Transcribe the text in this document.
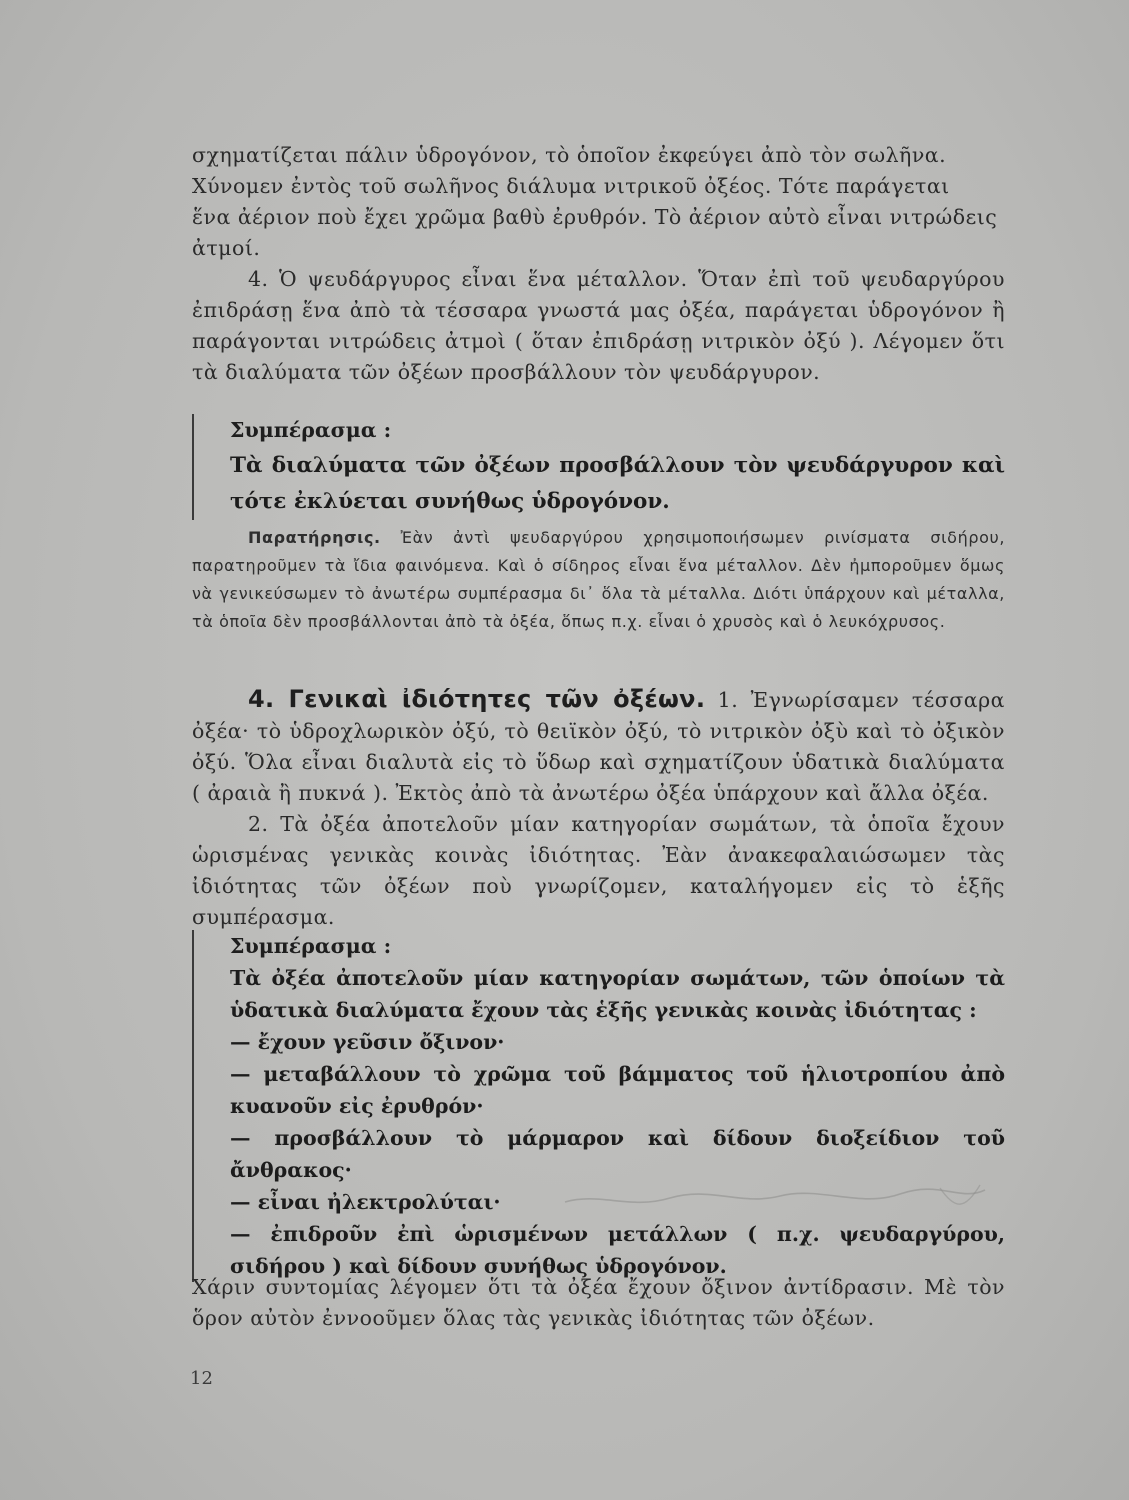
σχηματίζεται πάλιν ὑδρογόνον, τὸ ὁποῖον ἐκφεύγει ἀπὸ τὸν σωλῆνα.

Χύνομεν ἐντὸς τοῦ σωλῆνος διάλυμα νιτρικοῦ ὀξέος. Τότε παράγεται

ἕνα ἀέριον ποὺ ἔχει χρῶμα βαθὺ ἐρυθρόν. Τὸ ἀέριον αὐτὸ εἶναι νιτρώδεις

ἀτμοί.

4. Ὁ ψευδάργυρος εἶναι ἕνα μέταλλον. Ὅταν ἐπὶ τοῦ ψευδαργύρου ἐπιδράσῃ ἕνα ἀπὸ τὰ τέσσαρα γνωστά μας ὀξέα, παράγεται ὑδρογόνον ἢ παράγονται νιτρώδεις ἀτμοὶ ( ὅταν ἐπιδράσῃ νιτρικὸν ὀξύ ). Λέγομεν ὅτι τὰ διαλύματα τῶν ὀξέων προσβάλλουν τὸν ψευδάργυρον.

Συμπέρασμα :
Τὰ διαλύματα τῶν ὀξέων προσβάλλουν τὸν ψευδάργυρον καὶ τότε ἐκλύεται συνήθως ὑδρογόνον.
Παρατήρησις. Ἐὰν ἀντὶ ψευδαργύρου χρησιμοποιήσωμεν ρινίσματα σιδήρου, παρατηροῦμεν τὰ ἴδια φαινόμενα. Καὶ ὁ σίδηρος εἶναι ἕνα μέταλλον. Δὲν ἠμποροῦμεν ὅμως νὰ γενικεύσωμεν τὸ ἀνωτέρω συμπέρασμα δι᾽ ὅλα τὰ μέταλλα. Διότι ὑπάρχουν καὶ μέταλλα, τὰ ὁποῖα δὲν προσβάλλονται ἀπὸ τὰ ὀξέα, ὅπως π.χ. εἶναι ὁ χρυσὸς καὶ ὁ λευκόχρυσος.
4. Γενικαὶ ἰδιότητες τῶν ὀξέων. 1. Ἐγνωρίσαμεν τέσσαρα ὀξέα· τὸ ὑδροχλωρικὸν ὀξύ, τὸ θειϊκὸν ὀξύ, τὸ νιτρικὸν ὀξὺ καὶ τὸ ὀξικὸν ὀξύ. Ὅλα εἶναι διαλυτὰ εἰς τὸ ὕδωρ καὶ σχηματίζουν ὑδατικὰ διαλύματα ( ἀραιὰ ἢ πυκνά ). Ἐκτὸς ἀπὸ τὰ ἀνωτέρω ὀξέα ὑπάρχουν καὶ ἄλλα ὀξέα.

2. Τὰ ὀξέα ἀποτελοῦν μίαν κατηγορίαν σωμάτων, τὰ ὁποῖα ἔχουν ὡρισμένας γενικὰς κοινὰς ἰδιότητας. Ἐὰν ἀνακεφαλαιώσωμεν τὰς ἰδιότητας τῶν ὀξέων ποὺ γνωρίζομεν, καταλήγομεν εἰς τὸ ἑξῆς συμπέρασμα.

Συμπέρασμα :
Τὰ ὀξέα ἀποτελοῦν μίαν κατηγορίαν σωμάτων, τῶν ὁποίων τὰ ὑδατικὰ διαλύματα ἔχουν τὰς ἑξῆς γενικὰς κοινὰς ἰδιότητας :
— ἔχουν γεῦσιν ὄξινον·
— μεταβάλλουν τὸ χρῶμα τοῦ βάμματος τοῦ ἡλιοτροπίου ἀπὸ κυανοῦν εἰς ἐρυθρόν·
— προσβάλλουν τὸ μάρμαρον καὶ δίδουν διοξείδιον τοῦ ἄνθρακος·
— εἶναι ἠλεκτρολύται·
— ἐπιδροῦν ἐπὶ ὡρισμένων μετάλλων ( π.χ. ψευδαργύρου, σιδήρου ) καὶ δίδουν συνήθως ὑδρογόνον.

Χάριν συντομίας λέγομεν ὅτι τὰ ὀξέα ἔχουν ὄξινον ἀντίδρασιν. Μὲ τὸν ὅρον αὐτὸν ἐννοοῦμεν ὅλας τὰς γενικὰς ἰδιότητας τῶν ὀξέων.

12
